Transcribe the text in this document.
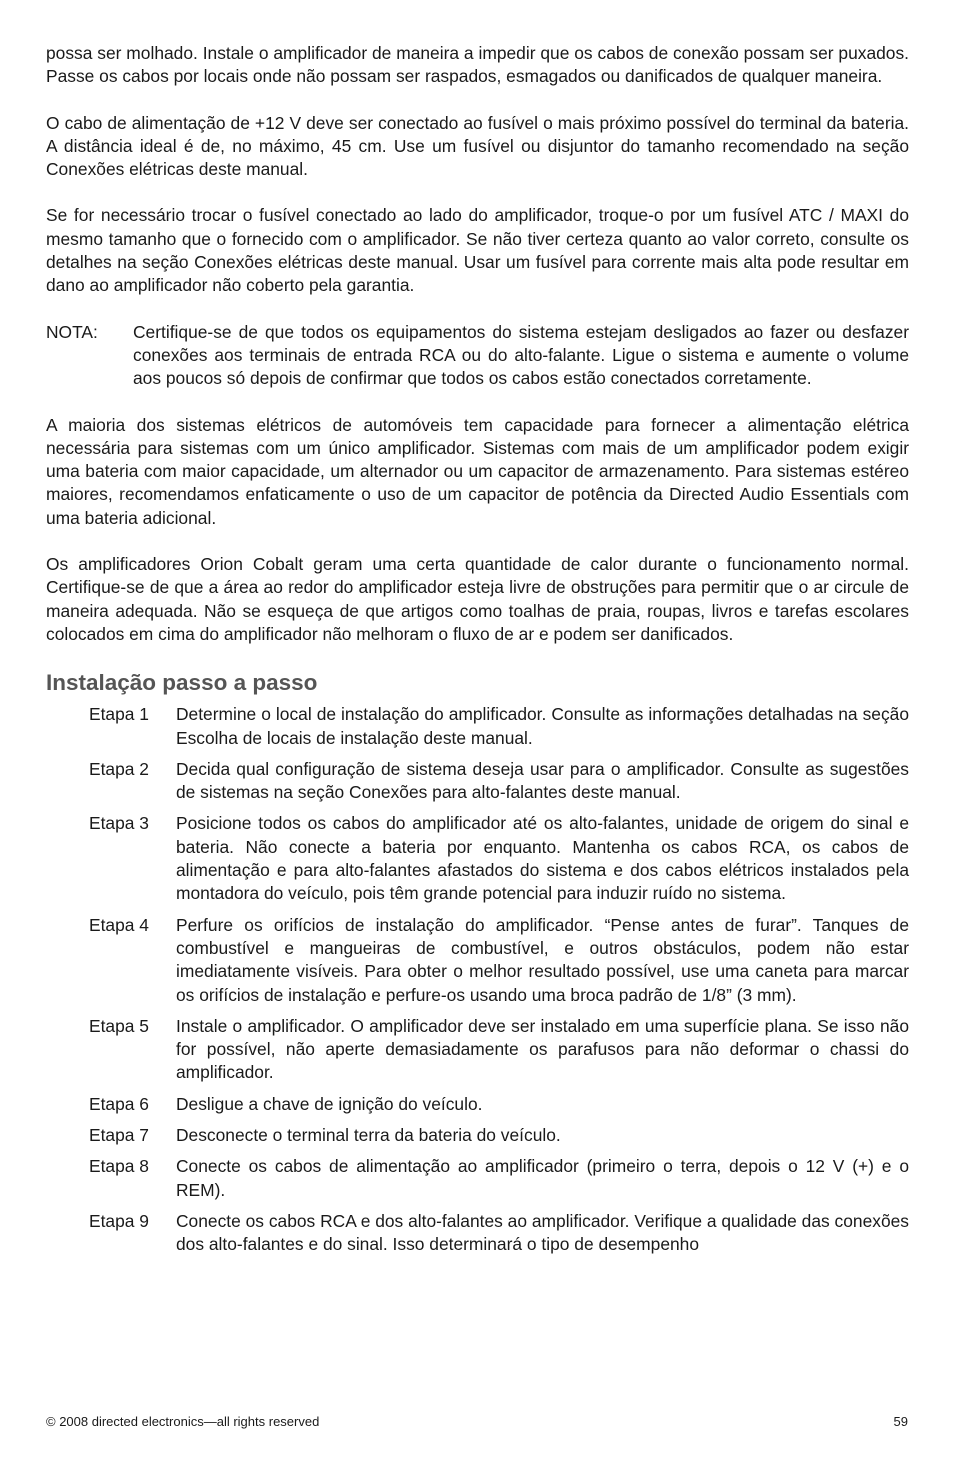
possa ser molhado. Instale o amplificador de maneira a impedir que os cabos de conexão possam ser puxados. Passe os cabos por locais onde não possam ser raspados, esmagados ou danificados de qualquer maneira.

O cabo de alimentação de +12 V deve ser conectado ao fusível o mais próximo possível do terminal da bateria. A distância ideal é de, no máximo, 45 cm. Use um fusível ou disjuntor do tamanho recomendado na seção Conexões elétricas deste manual.

Se for necessário trocar o fusível conectado ao lado do amplificador, troque-o por um fusível ATC / MAXI do mesmo tamanho que o fornecido com o amplificador. Se não tiver certeza quanto ao valor correto, consulte os detalhes na seção Conexões elétricas deste manual. Usar um fusível para corrente mais alta pode resultar em dano ao amplificador não coberto pela garantia.

NOTA:	Certifique-se de que todos os equipamentos do sistema estejam desligados ao fazer ou desfazer conexões aos terminais de entrada RCA ou do alto-falante. Ligue o sistema e aumente o volume aos poucos só depois de confirmar que todos os cabos estão conectados corretamente.

A maioria dos sistemas elétricos de automóveis tem capacidade para fornecer a alimentação elétrica necessária para sistemas com um único amplificador. Sistemas com mais de um amplificador podem exigir uma bateria com maior capacidade, um alternador ou um capacitor de armazenamento. Para sistemas estéreo maiores, recomendamos enfaticamente o uso de um capacitor de potência da Directed Audio Essentials com uma bateria adicional.

Os amplificadores Orion Cobalt geram uma certa quantidade de calor durante o funcionamento normal. Certifique-se de que a área ao redor do amplificador esteja livre de obstruções para permitir que o ar circule de maneira adequada. Não se esqueça de que artigos como toalhas de praia, roupas, livros e tarefas escolares colocados em cima do amplificador não melhoram o fluxo de ar e podem ser danificados.

Instalação passo a passo
Etapa 1	Determine o local de instalação do amplificador. Consulte as informações detalhadas na seção Escolha de locais de instalação deste manual.
Etapa 2	Decida qual configuração de sistema deseja usar para o amplificador. Consulte as sugestões de sistemas na seção Conexões para alto-falantes deste manual.
Etapa 3	Posicione todos os cabos do amplificador até os alto-falantes, unidade de origem do sinal e bateria. Não conecte a bateria por enquanto. Mantenha os cabos RCA, os cabos de alimentação e para alto-falantes afastados do sistema e dos cabos elétricos instalados pela montadora do veículo, pois têm grande potencial para induzir ruído no sistema.
Etapa 4	Perfure os orifícios de instalação do amplificador. “Pense antes de furar”. Tanques de combustível e mangueiras de combustível, e outros obstáculos, podem não estar imediatamente visíveis. Para obter o melhor resultado possível, use uma caneta para marcar os orifícios de instalação e perfure-os usando uma broca padrão de 1/8” (3 mm).
Etapa 5	Instale o amplificador. O amplificador deve ser instalado em uma superfície plana. Se isso não for possível, não aperte demasiadamente os parafusos para não deformar o chassi do amplificador.
Etapa 6	Desligue a chave de ignição do veículo.
Etapa 7	Desconecte o terminal terra da bateria do veículo.
Etapa 8	Conecte os cabos de alimentação ao amplificador (primeiro o terra, depois o 12 V (+) e o REM).
Etapa 9	Conecte os cabos RCA e dos alto-falantes ao amplificador. Verifique a qualidade das conexões dos alto-falantes e do sinal. Isso determinará o tipo de desempenho
© 2008 directed electronics—all rights reserved	59
